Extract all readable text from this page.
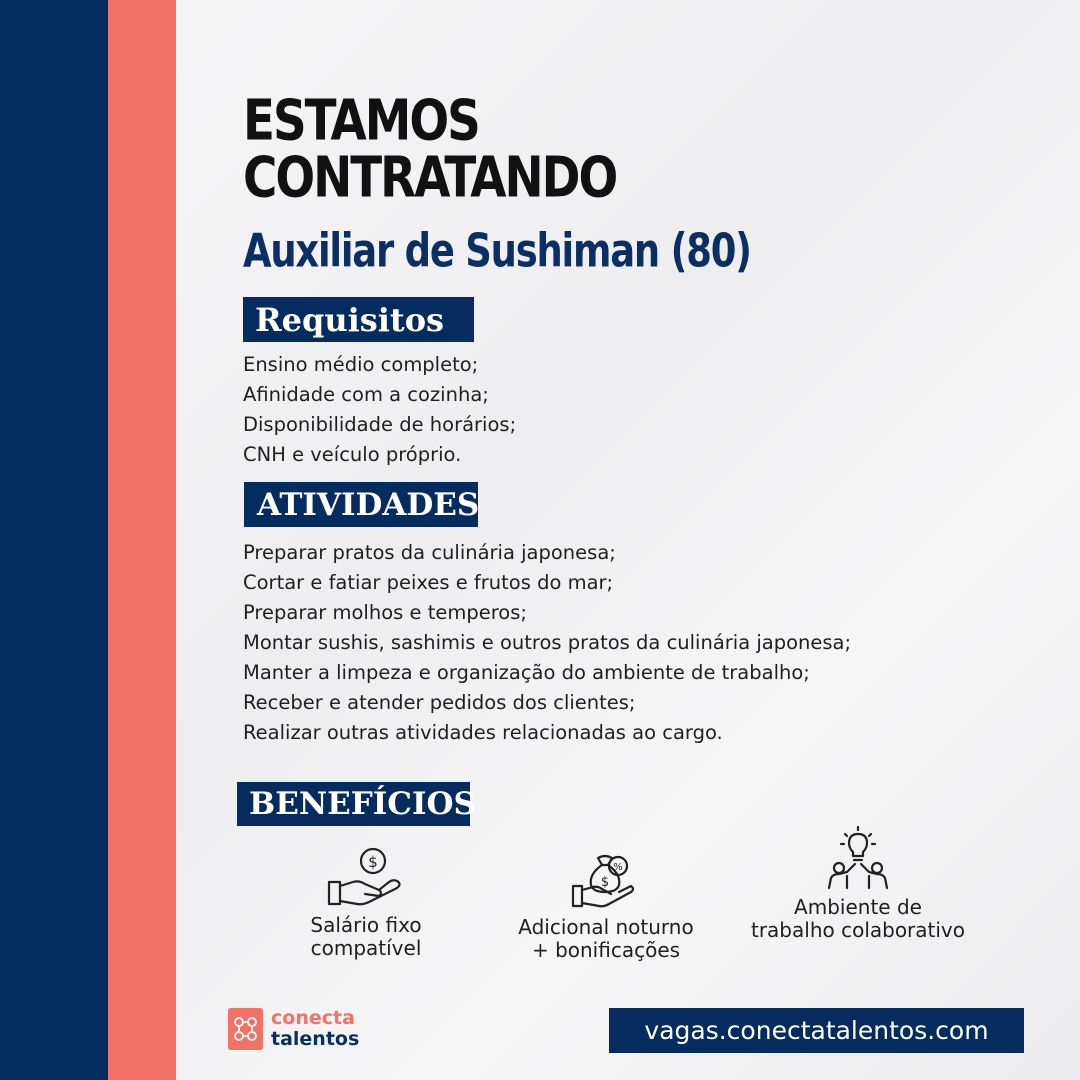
ESTAMOS
CONTRATANDO
Auxiliar de Sushiman (80)
Requisitos
Ensino médio completo;
Afinidade com a cozinha;
Disponibilidade de horários;
CNH e veículo próprio.
ATIVIDADES
Preparar pratos da culinária japonesa;
Cortar e fatiar peixes e frutos do mar;
Preparar molhos e temperos;
Montar sushis, sashimis e outros pratos da culinária japonesa;
Manter a limpeza e organização do ambiente de trabalho;
Receber e atender pedidos dos clientes;
Realizar outras atividades relacionadas ao cargo.
BENEFÍCIOS
$
Salário fixo
compatível
$
%
Adicional noturno
+ bonificações
Ambiente de
trabalho colaborativo
conecta
talentos	vagas.conectatalentos.com
